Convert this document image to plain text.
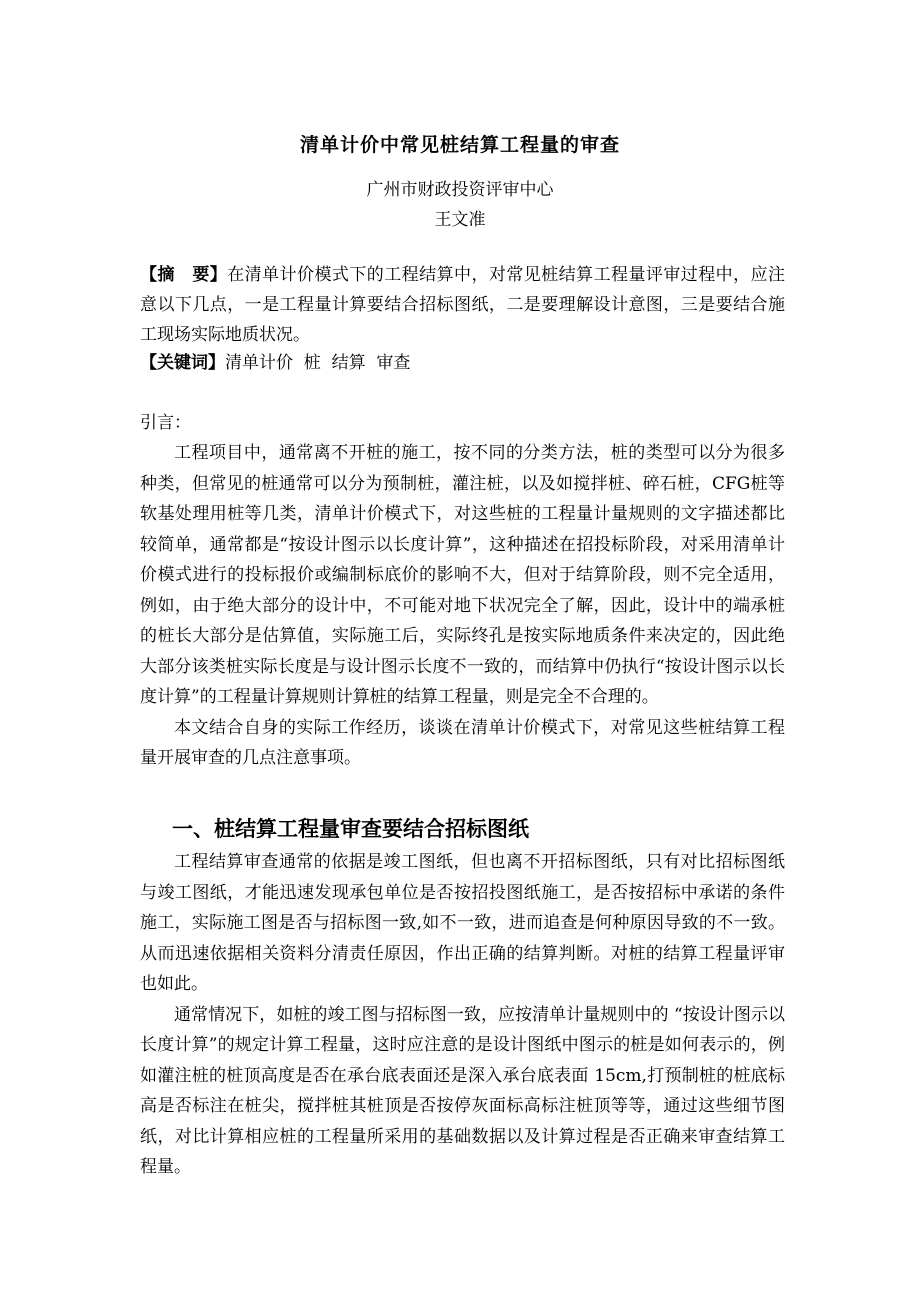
清单计价中常见桩结算工程量的审查
广州市财政投资评审中心
王文准
【摘　要】在清单计价模式下的工程结算中，对常见桩结算工程量评审过程中，应注意以下几点，一是工程量计算要结合招标图纸，二是要理解设计意图，三是要结合施工现场实际地质状况。
【关键词】清单计价  桩  结算  审查
引言：

工程项目中，通常离不开桩的施工，按不同的分类方法，桩的类型可以分为很多种类，但常见的桩通常可以分为预制桩，灌注桩，以及如搅拌桩、碎石桩，CFG桩等软基处理用桩等几类，清单计价模式下，对这些桩的工程量计量规则的文字描述都比较简单，通常都是“按设计图示以长度计算”，这种描述在招投标阶段，对采用清单计价模式进行的投标报价或编制标底价的影响不大，但对于结算阶段，则不完全适用，例如，由于绝大部分的设计中，不可能对地下状况完全了解，因此，设计中的端承桩的桩长大部分是估算值，实际施工后，实际终孔是按实际地质条件来决定的，因此绝大部分该类桩实际长度是与设计图示长度不一致的，而结算中仍执行“按设计图示以长度计算”的工程量计算规则计算桩的结算工程量，则是完全不合理的。

本文结合自身的实际工作经历，谈谈在清单计价模式下，对常见这些桩结算工程量开展审查的几点注意事项。

一、桩结算工程量审查要结合招标图纸

工程结算审查通常的依据是竣工图纸，但也离不开招标图纸，只有对比招标图纸与竣工图纸，才能迅速发现承包单位是否按招投图纸施工，是否按招标中承诺的条件施工，实际施工图是否与招标图一致,如不一致，进而追查是何种原因导致的不一致。从而迅速依据相关资料分清责任原因，作出正确的结算判断。对桩的结算工程量评审也如此。

通常情况下，如桩的竣工图与招标图一致，应按清单计量规则中的 “按设计图示以长度计算”的规定计算工程量，这时应注意的是设计图纸中图示的桩是如何表示的，例如灌注桩的桩顶高度是否在承台底表面还是深入承台底表面 15cm,打预制桩的桩底标高是否标注在桩尖，搅拌桩其桩顶是否按停灰面标高标注桩顶等等，通过这些细节图纸，对比计算相应桩的工程量所采用的基础数据以及计算过程是否正确来审查结算工程量。
